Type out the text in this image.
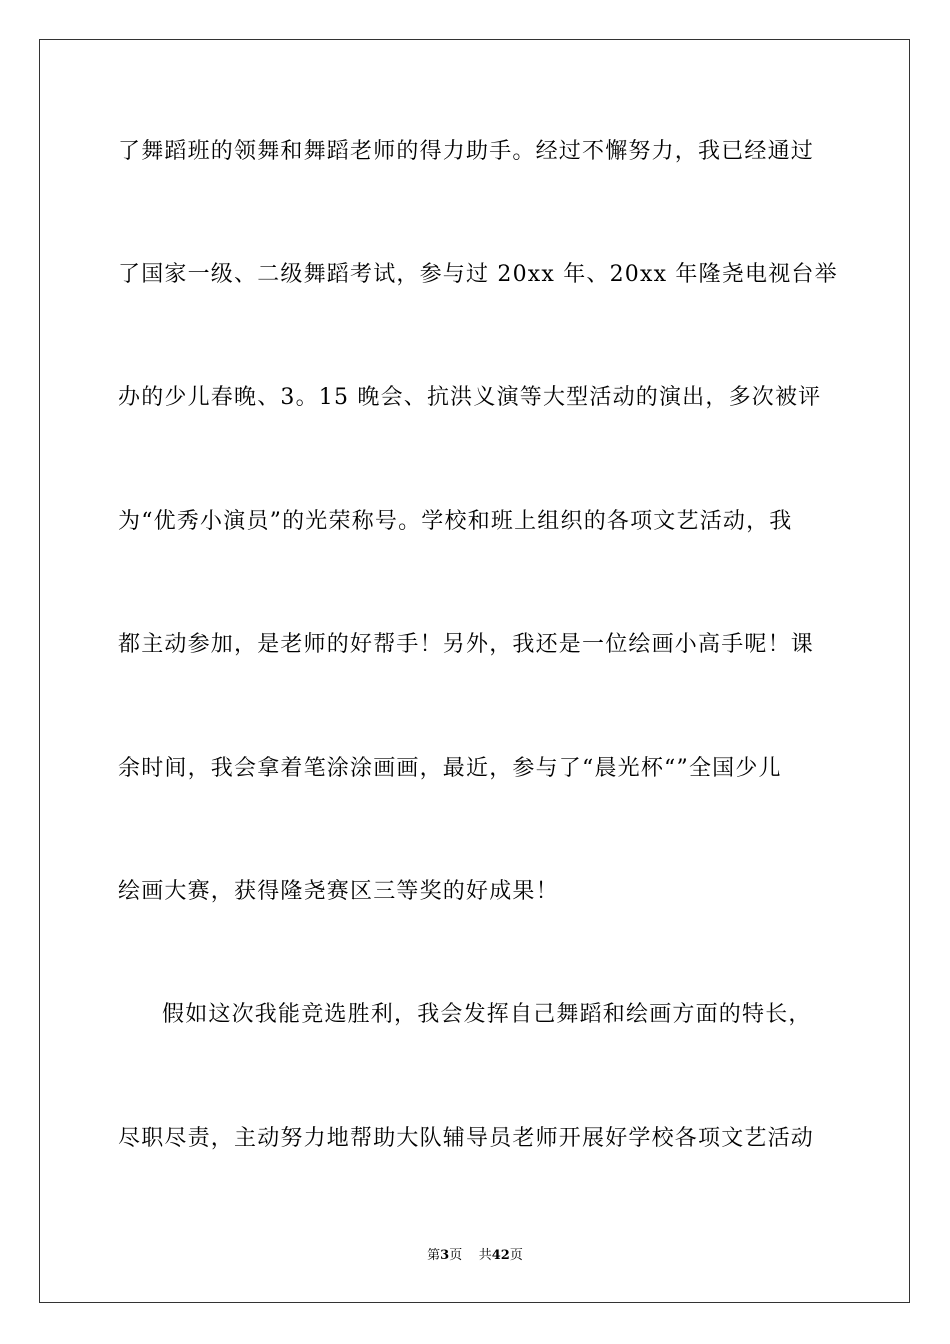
了舞蹈班的领舞和舞蹈老师的得力助手。经过不懈努力，我已经通过
了国家一级、二级舞蹈考试，参与过 20xx 年、20xx 年隆尧电视台举
办的少儿春晚、3。15 晚会、抗洪义演等大型活动的演出，多次被评
为“优秀小演员”的光荣称号。学校和班上组织的各项文艺活动，我
都主动参加，是老师的好帮手！另外，我还是一位绘画小高手呢！课
余时间，我会拿着笔涂涂画画，最近，参与了“晨光杯“”全国少儿
绘画大赛，获得隆尧赛区三等奖的好成果！
假如这次我能竞选胜利，我会发挥自己舞蹈和绘画方面的特长，
尽职尽责，主动努力地帮助大队辅导员老师开展好学校各项文艺活动
第3页 共42页
